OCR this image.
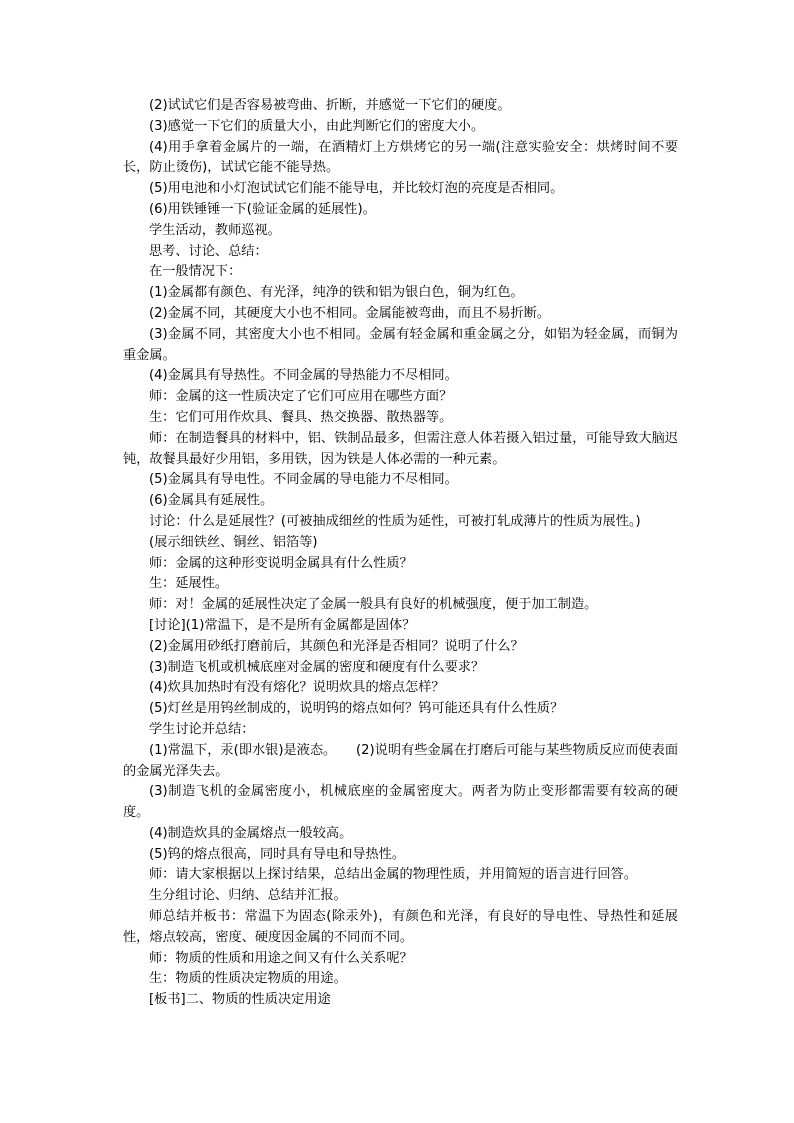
(2)试试它们是否容易被弯曲、折断，并感觉一下它们的硬度。

(3)感觉一下它们的质量大小，由此判断它们的密度大小。

(4)用手拿着金属片的一端，在酒精灯上方烘烤它的另一端(注意实验安全：烘烤时间不要长，防止烫伤)，试试它能不能导热。

(5)用电池和小灯泡试试它们能不能导电，并比较灯泡的亮度是否相同。

(6)用铁锤锤一下(验证金属的延展性)。

学生活动，教师巡视。

思考、讨论、总结：

在一般情况下：

(1)金属都有颜色、有光泽，纯净的铁和铝为银白色，铜为红色。

(2)金属不同，其硬度大小也不相同。金属能被弯曲，而且不易折断。

(3)金属不同，其密度大小也不相同。金属有轻金属和重金属之分，如铝为轻金属，而铜为重金属。

(4)金属具有导热性。不同金属的导热能力不尽相同。

师：金属的这一性质决定了它们可应用在哪些方面？

生：它们可用作炊具、餐具、热交换器、散热器等。

师：在制造餐具的材料中，铝、铁制品最多，但需注意人体若摄入铝过量，可能导致大脑迟钝，故餐具最好少用铝，多用铁，因为铁是人体必需的一种元素。

(5)金属具有导电性。不同金属的导电能力不尽相同。

(6)金属具有延展性。

讨论：什么是延展性？(可被抽成细丝的性质为延性，可被打轧成薄片的性质为展性。)

(展示细铁丝、铜丝、铝箔等)

师：金属的这种形变说明金属具有什么性质？

生：延展性。

师：对！金属的延展性决定了金属一般具有良好的机械强度，便于加工制造。

[讨论](1)常温下，是不是所有金属都是固体？

(2)金属用砂纸打磨前后，其颜色和光泽是否相同？说明了什么？

(3)制造飞机或机械底座对金属的密度和硬度有什么要求？

(4)炊具加热时有没有熔化？说明炊具的熔点怎样？

(5)灯丝是用钨丝制成的，说明钨的熔点如何？钨可能还具有什么性质？

学生讨论并总结：

(1)常温下，汞(即水银)是液态。　　(2)说明有些金属在打磨后可能与某些物质反应而使表面的金属光泽失去。

(3)制造飞机的金属密度小，机械底座的金属密度大。两者为防止变形都需要有较高的硬度。

(4)制造炊具的金属熔点一般较高。

(5)钨的熔点很高，同时具有导电和导热性。

师：请大家根据以上探讨结果，总结出金属的物理性质，并用简短的语言进行回答。

生分组讨论、归纳、总结并汇报。

师总结并板书：常温下为固态(除汞外)，有颜色和光泽，有良好的导电性、导热性和延展性，熔点较高，密度、硬度因金属的不同而不同。

师：物质的性质和用途之间又有什么关系呢？

生：物质的性质决定物质的用途。

[板书]二、物质的性质决定用途
